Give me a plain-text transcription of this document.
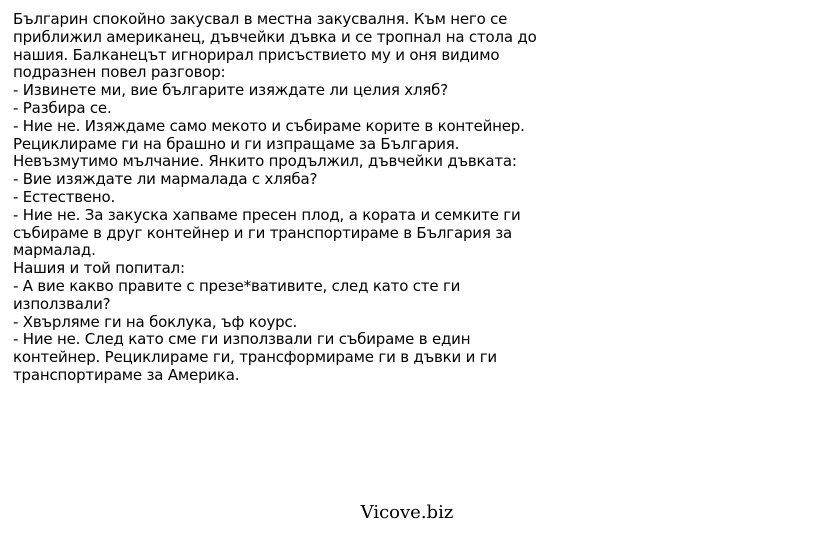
Българин спокойно закусвал в местна закусвалня. Към него се
приближил американец, дъвчейки дъвка и се тропнал на стола до
нашия. Балканецът игнорирал присъствието му и оня видимо
подразнен повел разговор:
- Извинете ми, вие българите изяждате ли целия хляб?
- Разбира се.
- Ние не. Изяждаме само мекото и събираме корите в контейнер.
Рециклираме ги на брашно и ги изпращаме за България.
Невъзмутимо мълчание. Янкито продължил, дъвчейки дъвката:
- Вие изяждате ли мармалада с хляба?
- Естествено.
- Ние не. За закуска хапваме пресен плод, а кората и семките ги
събираме в друг контейнер и ги транспортираме в България за
мармалад.
Нашия и той попитал:
- А вие какво правите с презе*вативите, след като сте ги
използвали?
- Хвърляме ги на боклука, ъф коурс.
- Ние не. След като сме ги използвали ги събираме в един
контейнер. Рециклираме ги, трансформираме ги в дъвки и ги
транспортираме за Америка.
Vicove.biz
